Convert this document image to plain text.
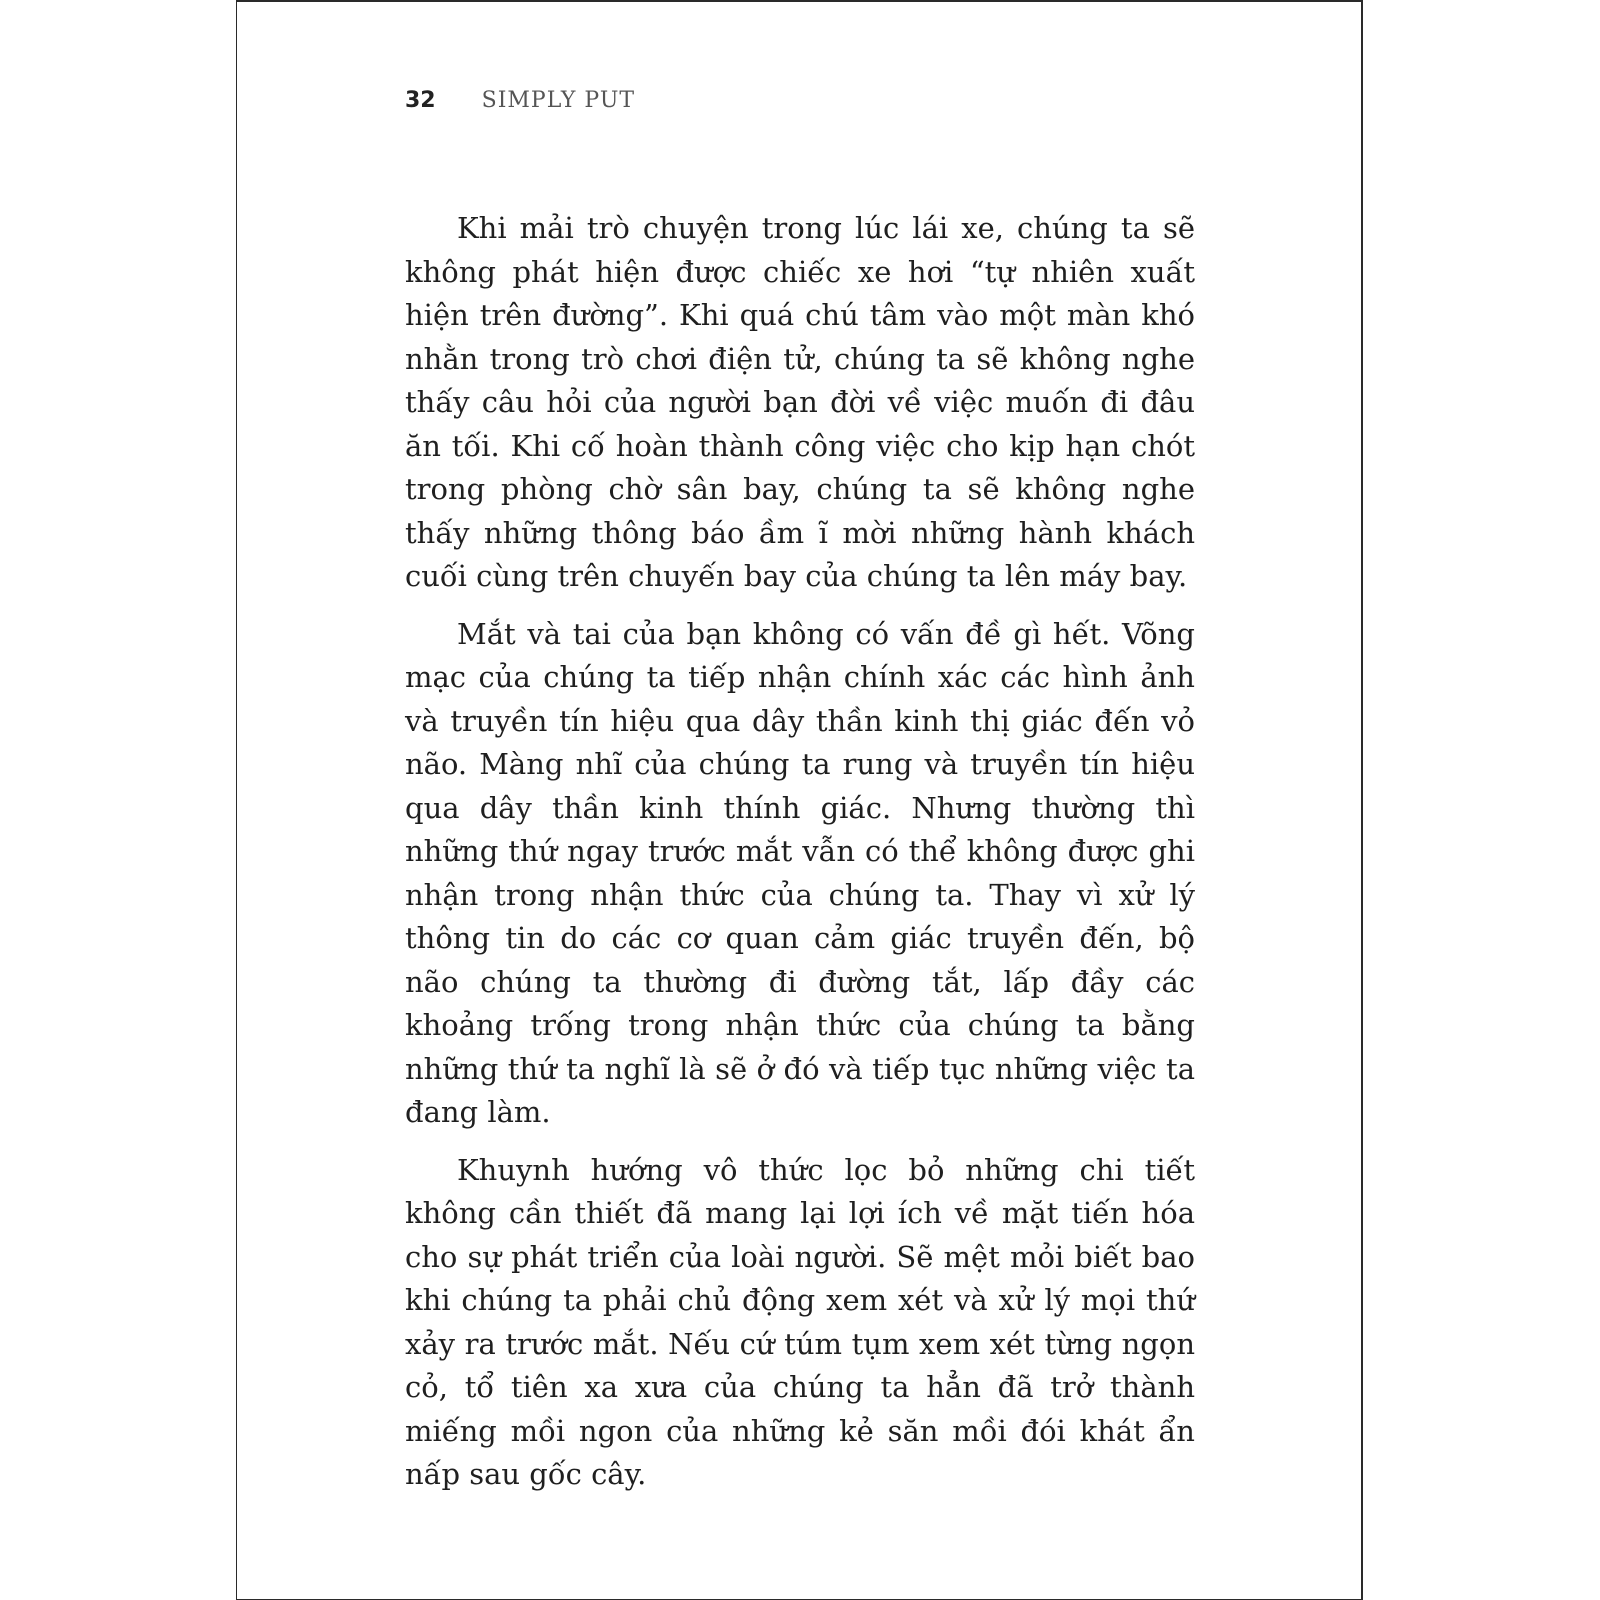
32 SIMPLY PUT

Khi mải trò chuyện trong lúc lái xe, chúng ta sẽ không phát hiện được chiếc xe hơi “tự nhiên xuất hiện trên đường”. Khi quá chú tâm vào một màn khó nhằn trong trò chơi điện tử, chúng ta sẽ không nghe thấy câu hỏi của người bạn đời về việc muốn đi đâu ăn tối. Khi cố hoàn thành công việc cho kịp hạn chót trong phòng chờ sân bay, chúng ta sẽ không nghe thấy những thông báo ầm ĩ mời những hành khách cuối cùng trên chuyến bay của chúng ta lên máy bay.

Mắt và tai của bạn không có vấn đề gì hết. Võng mạc của chúng ta tiếp nhận chính xác các hình ảnh và truyền tín hiệu qua dây thần kinh thị giác đến vỏ não. Màng nhĩ của chúng ta rung và truyền tín hiệu qua dây thần kinh thính giác. Nhưng thường thì những thứ ngay trước mắt vẫn có thể không được ghi nhận trong nhận thức của chúng ta. Thay vì xử lý thông tin do các cơ quan cảm giác truyền đến, bộ não chúng ta thường đi đường tắt, lấp đầy các khoảng trống trong nhận thức của chúng ta bằng những thứ ta nghĩ là sẽ ở đó và tiếp tục những việc ta đang làm.

Khuynh hướng vô thức lọc bỏ những chi tiết không cần thiết đã mang lại lợi ích về mặt tiến hóa cho sự phát triển của loài người. Sẽ mệt mỏi biết bao khi chúng ta phải chủ động xem xét và xử lý mọi thứ xảy ra trước mắt. Nếu cứ túm tụm xem xét từng ngọn cỏ, tổ tiên xa xưa của chúng ta hẳn đã trở thành miếng mồi ngon của những kẻ săn mồi đói khát ẩn nấp sau gốc cây.
